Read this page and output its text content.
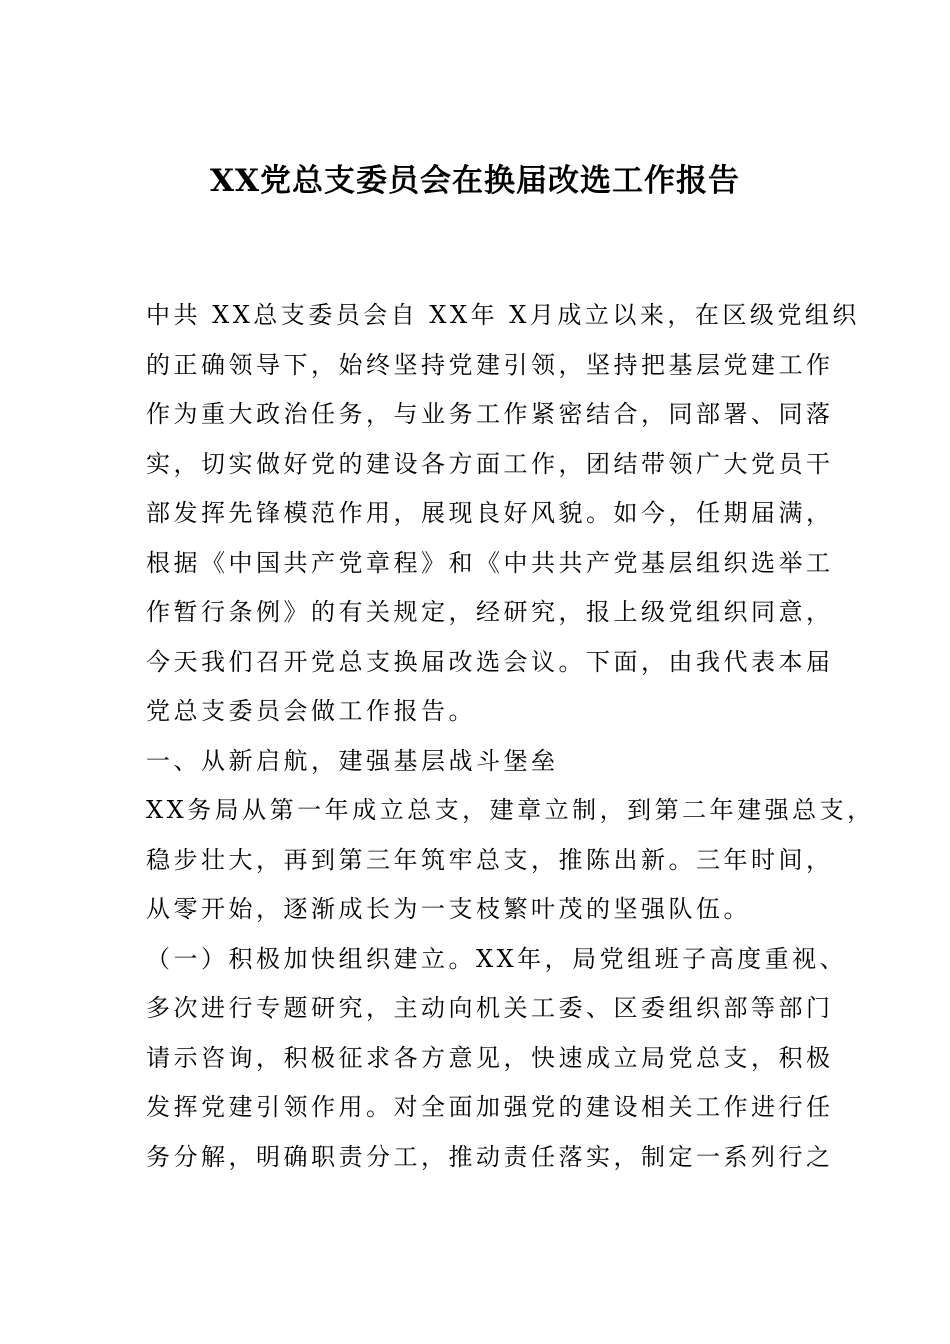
XX党总支委员会在换届改选工作报告

中共 XX总支委员会自 XX年 X月成立以来，在区级党组织

的正确领导下，始终坚持党建引领，坚持把基层党建工作

作为重大政治任务，与业务工作紧密结合，同部署、同落

实，切实做好党的建设各方面工作，团结带领广大党员干

部发挥先锋模范作用，展现良好风貌。如今，任期届满，

根据《中国共产党章程》和《中共共产党基层组织选举工

作暂行条例》的有关规定，经研究，报上级党组织同意，

今天我们召开党总支换届改选会议。下面，由我代表本届

党总支委员会做工作报告。

一、从新启航，建强基层战斗堡垒

XX务局从第一年成立总支，建章立制，到第二年建强总支，

稳步壮大，再到第三年筑牢总支，推陈出新。三年时间，

从零开始，逐渐成长为一支枝繁叶茂的坚强队伍。

（一）积极加快组织建立。XX年，局党组班子高度重视、

多次进行专题研究，主动向机关工委、区委组织部等部门

请示咨询，积极征求各方意见，快速成立局党总支，积极

发挥党建引领作用。对全面加强党的建设相关工作进行任

务分解，明确职责分工，推动责任落实，制定一系列行之
